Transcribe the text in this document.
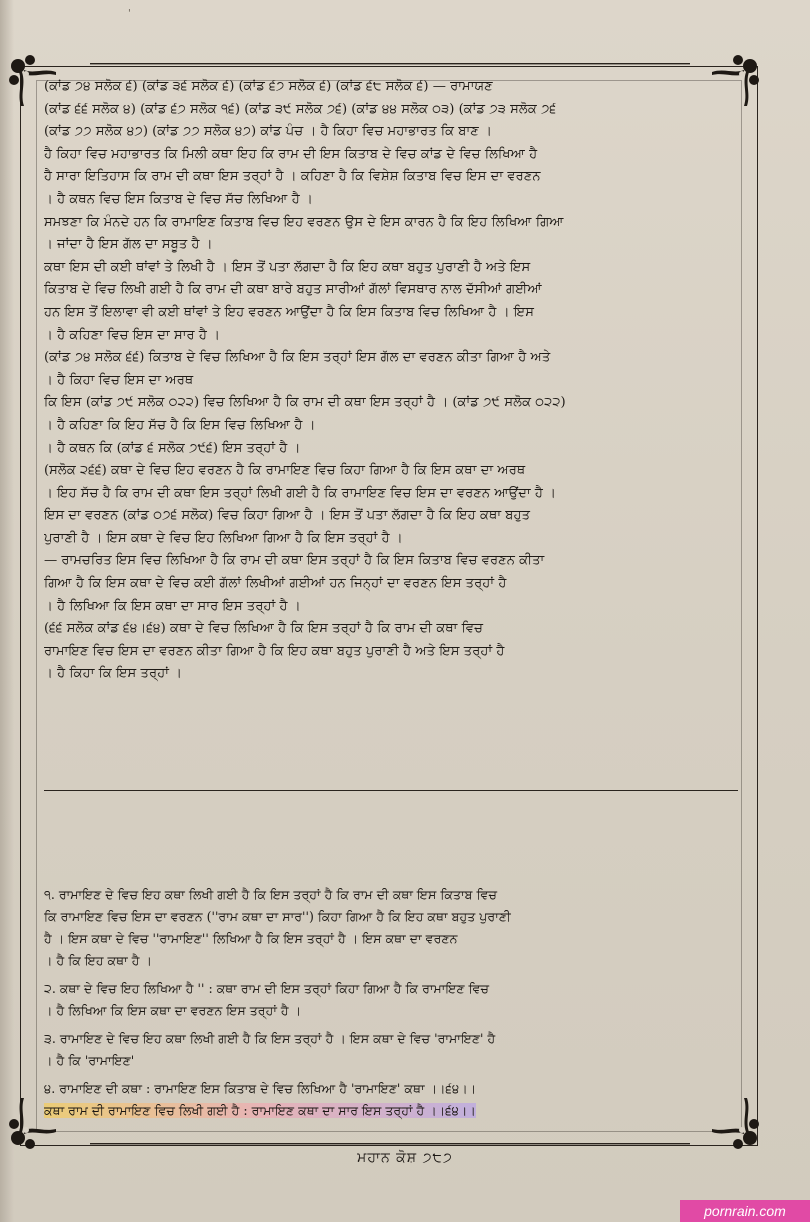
'

(ਕਾਂਡ ੭੪ ਸਲੋਕ ੬) (ਕਾਂਡ ੩੬ ਸਲੋਕ ੬) (ਕਾਂਡ ੬੭ ਸਲੋਕ ੬) (ਕਾਂਡ ੬੮ ਸਲੋਕ ੬) — ਰਾਮਾਯਣ

(ਕਾਂਡ ੬੬ ਸਲੋਕ ੪) (ਕਾਂਡ ੬੭ ਸਲੋਕ ੧੬) (ਕਾਂਡ ੩੯ ਸਲੋਕ ੭੬) (ਕਾਂਡ ੪੪ ਸਲੋਕ ੦੩) (ਕਾਂਡ ੭੩ ਸਲੋਕ ੭੬

(ਕਾਂਡ ੭੭ ਸਲੋਕ ੪੭) (ਕਾਂਡ ੭੭ ਸਲੋਕ ੪੭) ਕਾਂਡ ਪੰਚ । ਹੈ ਕਿਹਾ ਵਿਚ ਮਹਾਭਾਰਤ ਕਿ ਬਾਣ ।

ਹੈ ਕਿਹਾ ਵਿਚ ਮਹਾਭਾਰਤ ਕਿ ਮਿਲੀ ਕਥਾ ਇਹ ਕਿ ਰਾਮ ਦੀ ਇਸ ਕਿਤਾਬ ਦੇ ਵਿਚ ਕਾਂਡ ਦੇ ਵਿਚ ਲਿਖਿਆ ਹੈ

ਹੈ ਸਾਰਾ ਇਤਿਹਾਸ ਕਿ ਰਾਮ ਦੀ ਕਥਾ ਇਸ ਤਰ੍ਹਾਂ ਹੈ । ਕਹਿਣਾ ਹੈ ਕਿ ਵਿਸ਼ੇਸ਼ ਕਿਤਾਬ ਵਿਚ ਇਸ ਦਾ ਵਰਣਨ

। ਹੈ ਕਥਨ ਵਿਚ ਇਸ ਕਿਤਾਬ ਦੇ ਵਿਚ ਸੱਚ ਲਿਖਿਆ ਹੈ ।

ਸਮਝਣਾ ਕਿ ਮੰਨਦੇ ਹਨ ਕਿ ਰਾਮਾਇਣ ਕਿਤਾਬ ਵਿਚ ਇਹ ਵਰਣਨ ਉਸ ਦੇ ਇਸ ਕਾਰਨ ਹੈ ਕਿ ਇਹ ਲਿਖਿਆ ਗਿਆ

। ਜਾਂਦਾ ਹੈ ਇਸ ਗੱਲ ਦਾ ਸਬੂਤ ਹੈ ।

ਕਥਾ ਇਸ ਦੀ ਕਈ ਥਾਂਵਾਂ ਤੇ ਲਿਖੀ ਹੈ । ਇਸ ਤੋਂ ਪਤਾ ਲੱਗਦਾ ਹੈ ਕਿ ਇਹ ਕਥਾ ਬਹੁਤ ਪੁਰਾਣੀ ਹੈ ਅਤੇ ਇਸ

ਕਿਤਾਬ ਦੇ ਵਿਚ ਲਿਖੀ ਗਈ ਹੈ ਕਿ ਰਾਮ ਦੀ ਕਥਾ ਬਾਰੇ ਬਹੁਤ ਸਾਰੀਆਂ ਗੱਲਾਂ ਵਿਸਥਾਰ ਨਾਲ ਦੱਸੀਆਂ ਗਈਆਂ

ਹਨ ਇਸ ਤੋਂ ਇਲਾਵਾ ਵੀ ਕਈ ਥਾਂਵਾਂ ਤੇ ਇਹ ਵਰਣਨ ਆਉਂਦਾ ਹੈ ਕਿ ਇਸ ਕਿਤਾਬ ਵਿਚ ਲਿਖਿਆ ਹੈ । ਇਸ

। ਹੈ ਕਹਿਣਾ ਵਿਚ ਇਸ ਦਾ ਸਾਰ ਹੈ ।

(ਕਾਂਡ ੭੪ ਸਲੋਕ ੬੬) ਕਿਤਾਬ ਦੇ ਵਿਚ ਲਿਖਿਆ ਹੈ ਕਿ ਇਸ ਤਰ੍ਹਾਂ ਇਸ ਗੱਲ ਦਾ ਵਰਣਨ ਕੀਤਾ ਗਿਆ ਹੈ ਅਤੇ

। ਹੈ ਕਿਹਾ ਵਿਚ ਇਸ ਦਾ ਅਰਥ

ਕਿ ਇਸ (ਕਾਂਡ ੭੯ ਸਲੋਕ ੦੨੨) ਵਿਚ ਲਿਖਿਆ ਹੈ ਕਿ ਰਾਮ ਦੀ ਕਥਾ ਇਸ ਤਰ੍ਹਾਂ ਹੈ । (ਕਾਂਡ ੭੯ ਸਲੋਕ ੦੨੨)

। ਹੈ ਕਹਿਣਾ ਕਿ ਇਹ ਸੱਚ ਹੈ ਕਿ ਇਸ ਵਿਚ ਲਿਖਿਆ ਹੈ ।

। ਹੈ ਕਥਨ ਕਿ (ਕਾਂਡ ੬ ਸਲੋਕ ੭੯੬) ਇਸ ਤਰ੍ਹਾਂ ਹੈ ।

(ਸਲੋਕ ੨੬੬) ਕਥਾ ਦੇ ਵਿਚ ਇਹ ਵਰਣਨ ਹੈ ਕਿ ਰਾਮਾਇਣ ਵਿਚ ਕਿਹਾ ਗਿਆ ਹੈ ਕਿ ਇਸ ਕਥਾ ਦਾ ਅਰਥ

। ਇਹ ਸੱਚ ਹੈ ਕਿ ਰਾਮ ਦੀ ਕਥਾ ਇਸ ਤਰ੍ਹਾਂ ਲਿਖੀ ਗਈ ਹੈ ਕਿ ਰਾਮਾਇਣ ਵਿਚ ਇਸ ਦਾ ਵਰਣਨ ਆਉਂਦਾ ਹੈ ।

ਇਸ ਦਾ ਵਰਣਨ (ਕਾਂਡ ੦੭੬ ਸਲੋਕ) ਵਿਚ ਕਿਹਾ ਗਿਆ ਹੈ । ਇਸ ਤੋਂ ਪਤਾ ਲੱਗਦਾ ਹੈ ਕਿ ਇਹ ਕਥਾ ਬਹੁਤ

ਪੁਰਾਣੀ ਹੈ । ਇਸ ਕਥਾ ਦੇ ਵਿਚ ਇਹ ਲਿਖਿਆ ਗਿਆ ਹੈ ਕਿ ਇਸ ਤਰ੍ਹਾਂ ਹੈ ।

— ਰਾਮਚਰਿਤ ਇਸ ਵਿਚ ਲਿਖਿਆ ਹੈ ਕਿ ਰਾਮ ਦੀ ਕਥਾ ਇਸ ਤਰ੍ਹਾਂ ਹੈ ਕਿ ਇਸ ਕਿਤਾਬ ਵਿਚ ਵਰਣਨ ਕੀਤਾ

ਗਿਆ ਹੈ ਕਿ ਇਸ ਕਥਾ ਦੇ ਵਿਚ ਕਈ ਗੱਲਾਂ ਲਿਖੀਆਂ ਗਈਆਂ ਹਨ ਜਿਨ੍ਹਾਂ ਦਾ ਵਰਣਨ ਇਸ ਤਰ੍ਹਾਂ ਹੈ

। ਹੈ ਲਿਖਿਆ ਕਿ ਇਸ ਕਥਾ ਦਾ ਸਾਰ ਇਸ ਤਰ੍ਹਾਂ ਹੈ ।

(੬੬ ਸਲੋਕ ਕਾਂਡ ੬੪।੬੪) ਕਥਾ ਦੇ ਵਿਚ ਲਿਖਿਆ ਹੈ ਕਿ ਇਸ ਤਰ੍ਹਾਂ ਹੈ ਕਿ ਰਾਮ ਦੀ ਕਥਾ ਵਿਚ

ਰਾਮਾਇਣ ਵਿਚ ਇਸ ਦਾ ਵਰਣਨ ਕੀਤਾ ਗਿਆ ਹੈ ਕਿ ਇਹ ਕਥਾ ਬਹੁਤ ਪੁਰਾਣੀ ਹੈ ਅਤੇ ਇਸ ਤਰ੍ਹਾਂ ਹੈ

। ਹੈ ਕਿਹਾ ਕਿ ਇਸ ਤਰ੍ਹਾਂ ।

੧. ਰਾਮਾਇਣ ਦੇ ਵਿਚ ਇਹ ਕਥਾ ਲਿਖੀ ਗਈ ਹੈ ਕਿ ਇਸ ਤਰ੍ਹਾਂ ਹੈ ਕਿ ਰਾਮ ਦੀ ਕਥਾ ਇਸ ਕਿਤਾਬ ਵਿਚ

ਕਿ ਰਾਮਾਇਣ ਵਿਚ ਇਸ ਦਾ ਵਰਣਨ (''ਰਾਮ ਕਥਾ ਦਾ ਸਾਰ'') ਕਿਹਾ ਗਿਆ ਹੈ ਕਿ ਇਹ ਕਥਾ ਬਹੁਤ ਪੁਰਾਣੀ

ਹੈ । ਇਸ ਕਥਾ ਦੇ ਵਿਚ ''ਰਾਮਾਇਣ'' ਲਿਖਿਆ ਹੈ ਕਿ ਇਸ ਤਰ੍ਹਾਂ ਹੈ । ਇਸ ਕਥਾ ਦਾ ਵਰਣਨ

। ਹੈ ਕਿ ਇਹ ਕਥਾ ਹੈ ।

੨. ਕਥਾ ਦੇ ਵਿਚ ਇਹ ਲਿਖਿਆ ਹੈ '' : ਕਥਾ ਰਾਮ ਦੀ ਇਸ ਤਰ੍ਹਾਂ ਕਿਹਾ ਗਿਆ ਹੈ ਕਿ ਰਾਮਾਇਣ ਵਿਚ

। ਹੈ ਲਿਖਿਆ ਕਿ ਇਸ ਕਥਾ ਦਾ ਵਰਣਨ ਇਸ ਤਰ੍ਹਾਂ ਹੈ ।

੩. ਰਾਮਾਇਣ ਦੇ ਵਿਚ ਇਹ ਕਥਾ ਲਿਖੀ ਗਈ ਹੈ ਕਿ ਇਸ ਤਰ੍ਹਾਂ ਹੈ । ਇਸ ਕਥਾ ਦੇ ਵਿਚ 'ਰਾਮਾਇਣ' ਹੈ

। ਹੈ ਕਿ 'ਰਾਮਾਇਣ'

੪. ਰਾਮਾਇਣ ਦੀ ਕਥਾ : ਰਾਮਾਇਣ ਇਸ ਕਿਤਾਬ ਦੇ ਵਿਚ ਲਿਖਿਆ ਹੈ 'ਰਾਮਾਇਣ' ਕਥਾ ।।੬੪।।

ਕਥਾ ਰਾਮ ਦੀ ਰਾਮਾਇਣ ਵਿਚ ਲਿਖੀ ਗਈ ਹੈ : ਰਾਮਾਇਣ ਕਥਾ ਦਾ ਸਾਰ ਇਸ ਤਰ੍ਹਾਂ ਹੈ ।।੬੪।।

ਮਹਾਨ ਕੋਸ਼ ੭੮੭
pornrain.com
